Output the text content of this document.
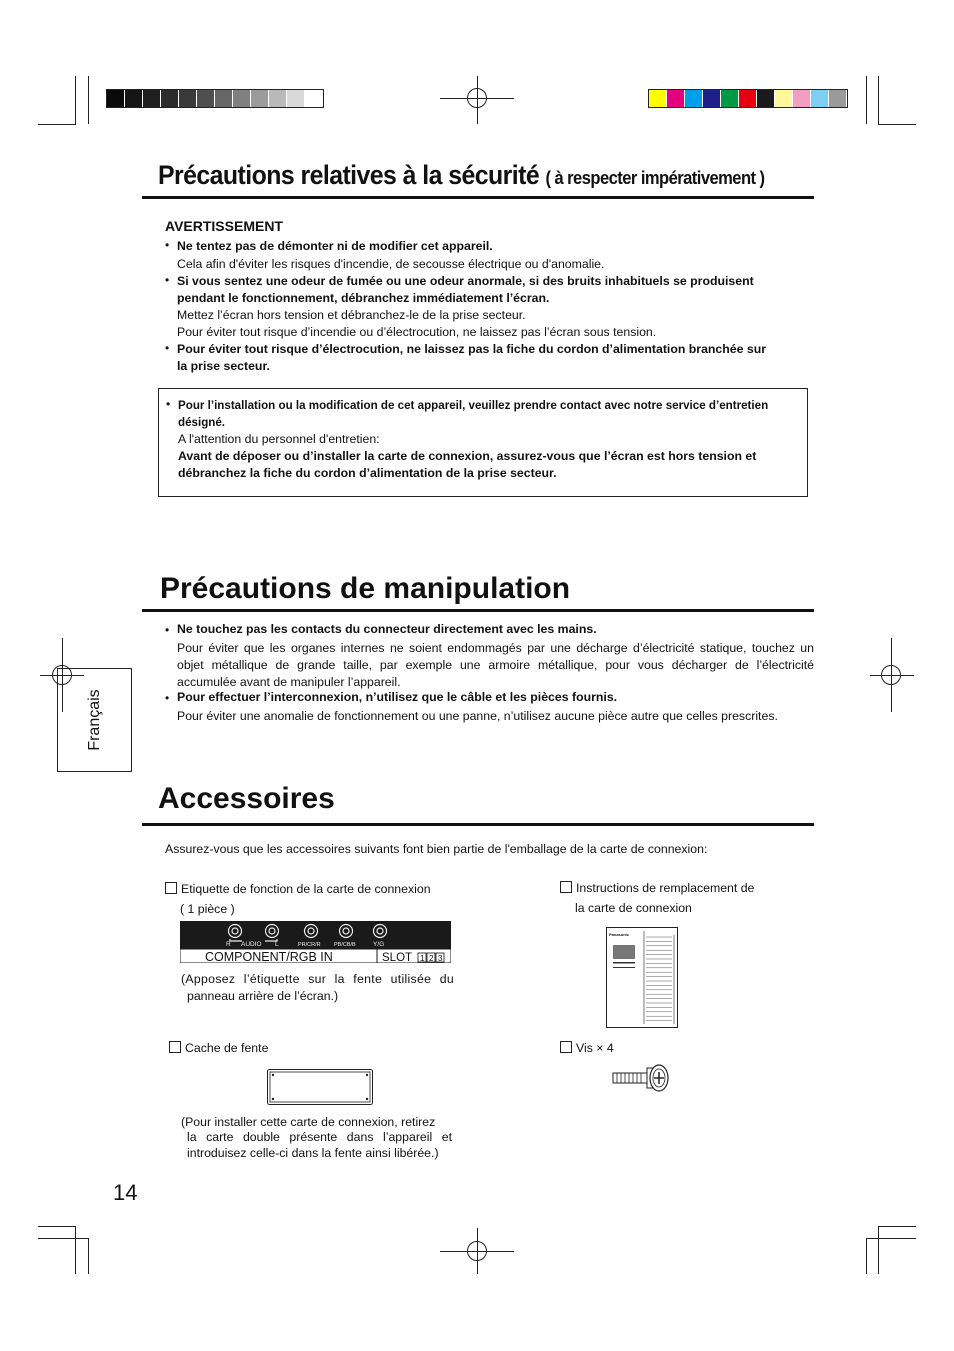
Précautions relatives à la sécurité ( à respecter impérativement )
AVERTISSEMENT
• Ne tentez pas de démonter ni de modifier cet appareil.
Cela afin d'éviter les risques d'incendie, de secousse électrique ou d'anomalie.
• Si vous sentez une odeur de fumée ou une odeur anormale, si des bruits inhabituels se produisent
pendant le fonctionnement, débranchez immédiatement l’écran.
Mettez l’écran hors tension et débranchez-le de la prise secteur.
Pour éviter tout risque d’incendie ou d’électrocution, ne laissez pas l’écran sous tension.
• Pour éviter tout risque d’électrocution, ne laissez pas la fiche du cordon d’alimentation branchée sur
la prise secteur.
• Pour l’installation ou la modification de cet appareil, veuillez prendre contact avec notre service d’entretien
désigné.
A l'attention du personnel d'entretien:
Avant de déposer ou d’installer la carte de connexion, assurez-vous que l’écran est hors tension et
débranchez la fiche du cordon d’alimentation de la prise secteur.
Précautions de manipulation
• Ne touchez pas les contacts du connecteur directement avec les mains.
Pour éviter que les organes internes ne soient endommagés par une décharge d’électricité statique, touchez un
objet métallique de grande taille, par exemple une armoire métallique, pour vous décharger de l’électricité
accumulée avant de manipuler l’appareil.
• Pour effectuer l’interconnexion, n’utilisez que le câble et les pièces fournis.
Pour éviter une anomalie de fonctionnement ou une panne, n’utilisez aucune pièce autre que celles prescrites.
Français
Accessoires
Assurez-vous que les accessoires suivants font bien partie de l'emballage de la carte de connexion:
Etiquette de fonction de la carte de connexion
( 1 pièce )
R AUDIO L	PR/CR/R PB/CB/B	Y/G
COMPONENT/RGB IN	SLOT 1 2 3
(Apposez l’étiquette sur la fente utilisée du
panneau arrière de l’écran.)
Instructions de remplacement de
la carte de connexion
Panasonic
Cache de fente
(Pour installer cette carte de connexion, retirez
la carte double présente dans l’appareil et
introduisez celle-ci dans la fente ainsi libérée.)
Vis × 4
14
